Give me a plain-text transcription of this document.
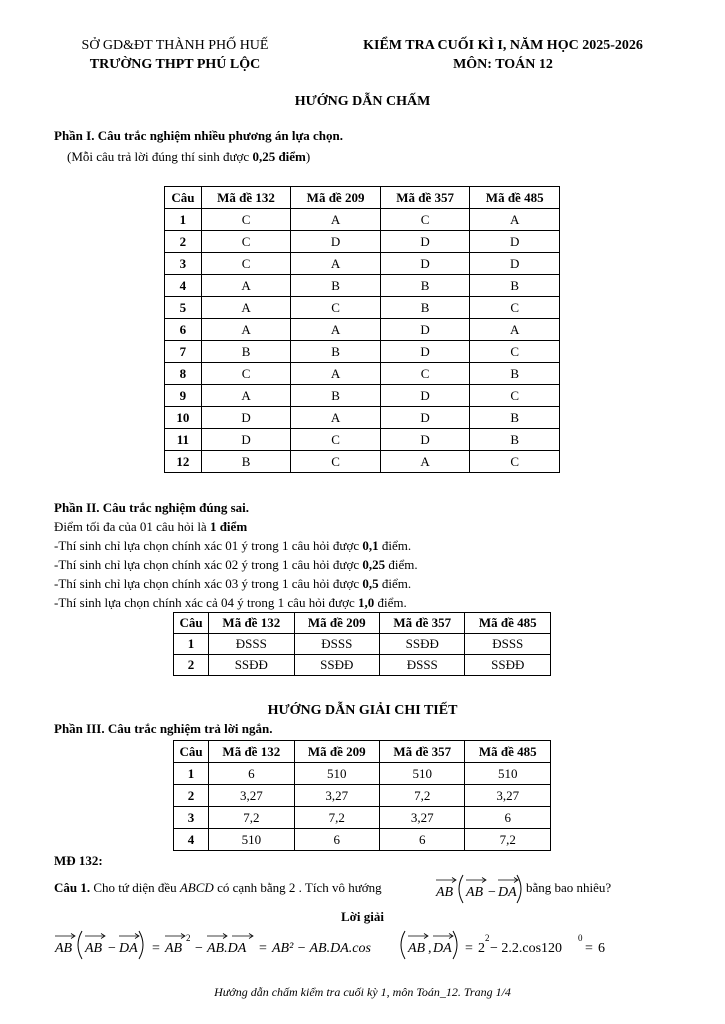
SỞ GD&ĐT THÀNH PHỐ HUẾ
TRƯỜNG THPT PHÚ LỘC
KIỂM TRA CUỐI KÌ I, NĂM HỌC 2025-2026
MÔN: TOÁN 12
HƯỚNG DẪN CHẤM
Phần I. Câu trắc nghiệm nhiều phương án lựa chọn.
(Mỗi câu trả lời đúng thí sinh được 0,25 điểm)
Câu	Mã đề 132	Mã đề 209	Mã đề 357	Mã đề 485
1	C	A	C	A
2	C	D	D	D
3	C	A	D	D
4	A	B	B	B
5	A	C	B	C
6	A	A	D	A
7	B	B	D	C
8	C	A	C	B
9	A	B	D	C
10	D	A	D	B
11	D	C	D	B
12	B	C	A	C
Phần II. Câu trắc nghiệm đúng sai.
Điểm tối đa của 01 câu hỏi là 1 điểm
-Thí sinh chỉ lựa chọn chính xác 01 ý trong 1 câu hỏi được 0,1 điểm.
-Thí sinh chỉ lựa chọn chính xác 02 ý trong 1 câu hỏi được 0,25 điểm.
-Thí sinh chỉ lựa chọn chính xác 03 ý trong 1 câu hỏi được 0,5 điểm.
-Thí sinh lựa chọn chính xác cả 04 ý trong 1 câu hỏi được 1,0 điểm.
Câu	Mã đề 132	Mã đề 209	Mã đề 357	Mã đề 485
1	ĐSSS	ĐSSS	SSĐĐ	ĐSSS
2	SSĐĐ	SSĐĐ	ĐSSS	SSĐĐ
HƯỚNG DẪN GIẢI CHI TIẾT
Phần III. Câu trắc nghiệm trả lời ngắn.
Câu	Mã đề 132	Mã đề 209	Mã đề 357	Mã đề 485
1	6	510	510	510
2	3,27	3,27	7,2	3,27
3	7,2	7,2	3,27	6
4	510	6	6	7,2
MĐ 132:
Câu 1. Cho tứ diện đều ABCD có cạnh bằng 2 . Tích vô hướng	AB AB − DA bằng bao nhiêu?
Lời giải
AB AB − DA = AB
2
− AB.DA = AB² − AB.DA.cos	AB , DA = 2
2
− 2.2.cos120
0
= 6
Hướng dẫn chấm kiểm tra cuối kỳ 1, môn Toán_12. Trang 1/4
